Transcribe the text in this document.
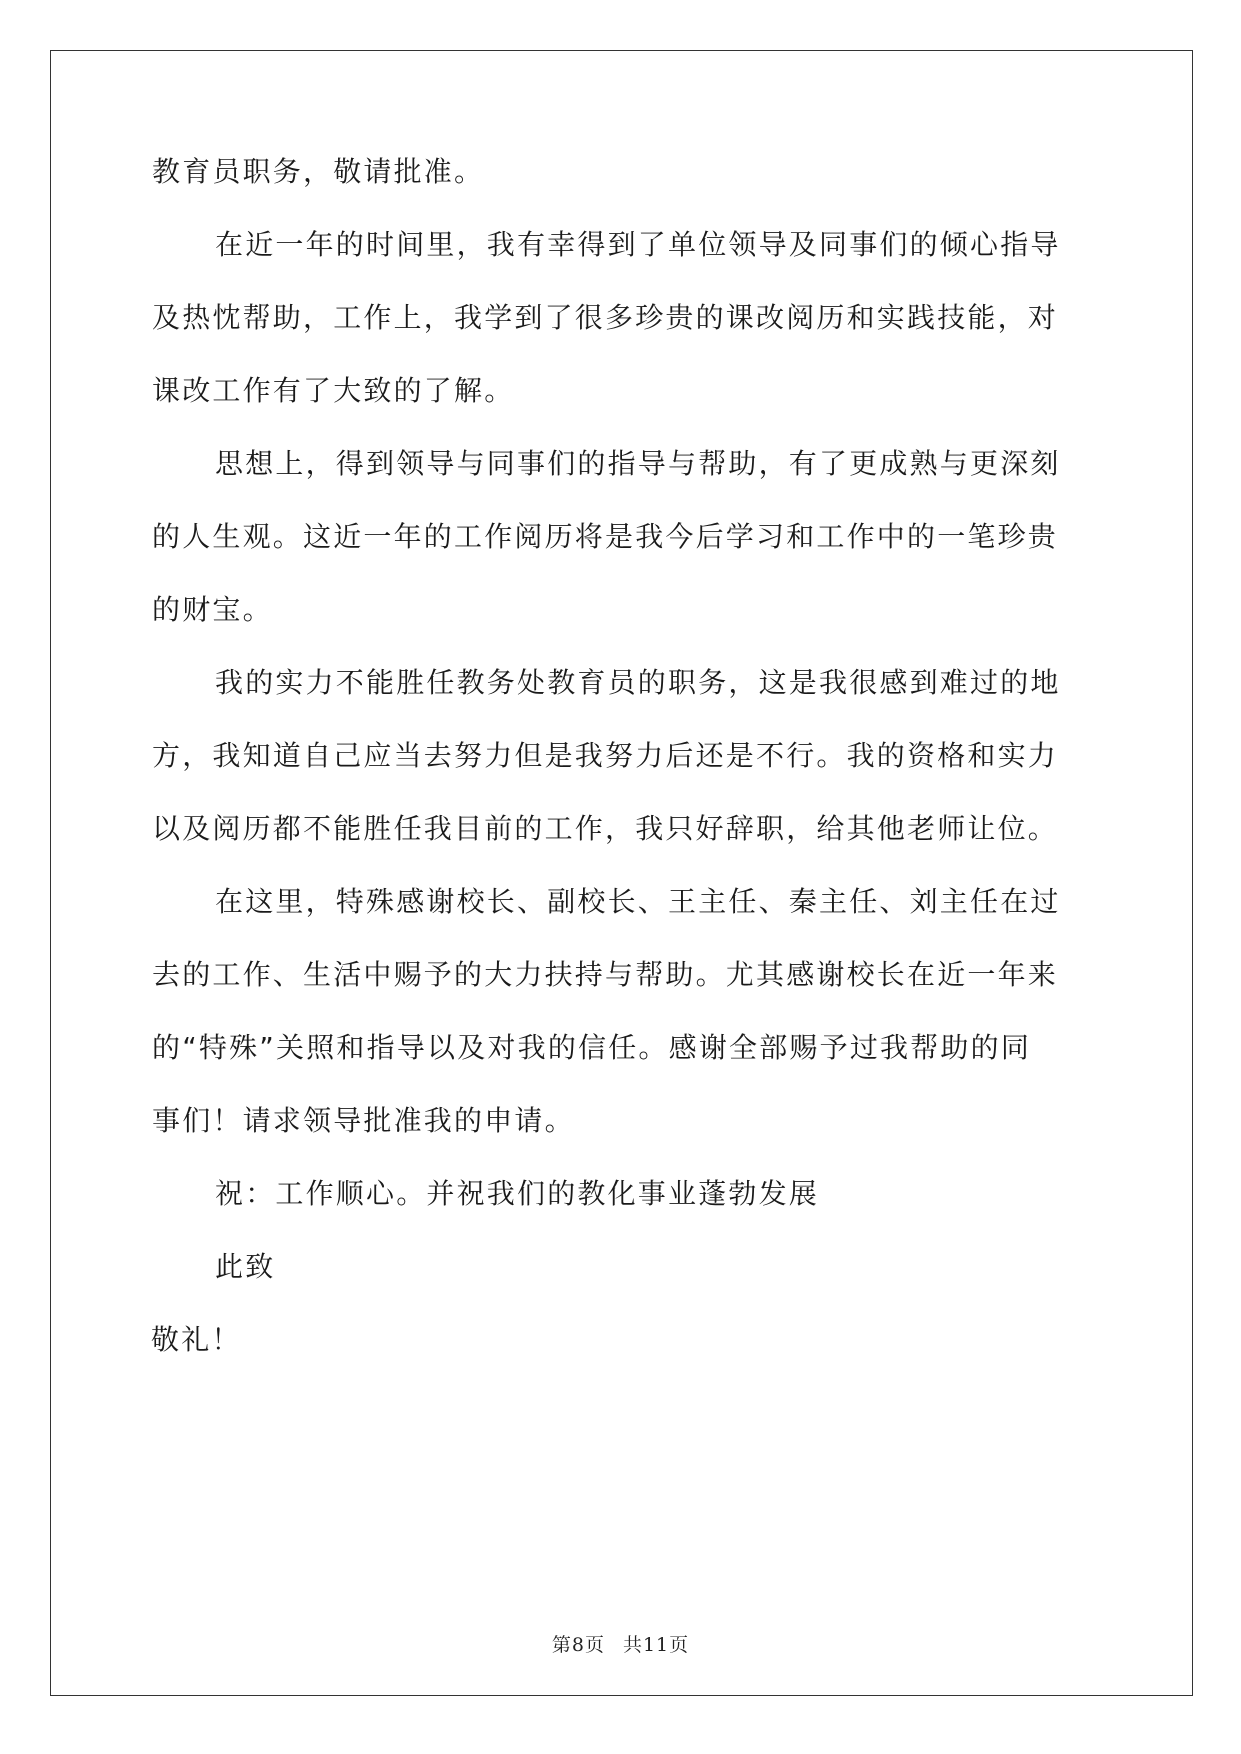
教育员职务，敬请批准。
在近一年的时间里，我有幸得到了单位领导及同事们的倾心指导
及热忱帮助，工作上，我学到了很多珍贵的课改阅历和实践技能，对
课改工作有了大致的了解。
思想上，得到领导与同事们的指导与帮助，有了更成熟与更深刻
的人生观。这近一年的工作阅历将是我今后学习和工作中的一笔珍贵
的财宝。
我的实力不能胜任教务处教育员的职务，这是我很感到难过的地
方，我知道自己应当去努力但是我努力后还是不行。我的资格和实力
以及阅历都不能胜任我目前的工作，我只好辞职，给其他老师让位。
在这里，特殊感谢校长、副校长、王主任、秦主任、刘主任在过
去的工作、生活中赐予的大力扶持与帮助。尤其感谢校长在近一年来
的“特殊”关照和指导以及对我的信任。感谢全部赐予过我帮助的同
事们！请求领导批准我的申请。
祝：工作顺心。并祝我们的教化事业蓬勃发展
此致
敬礼！
第8页 共11页
